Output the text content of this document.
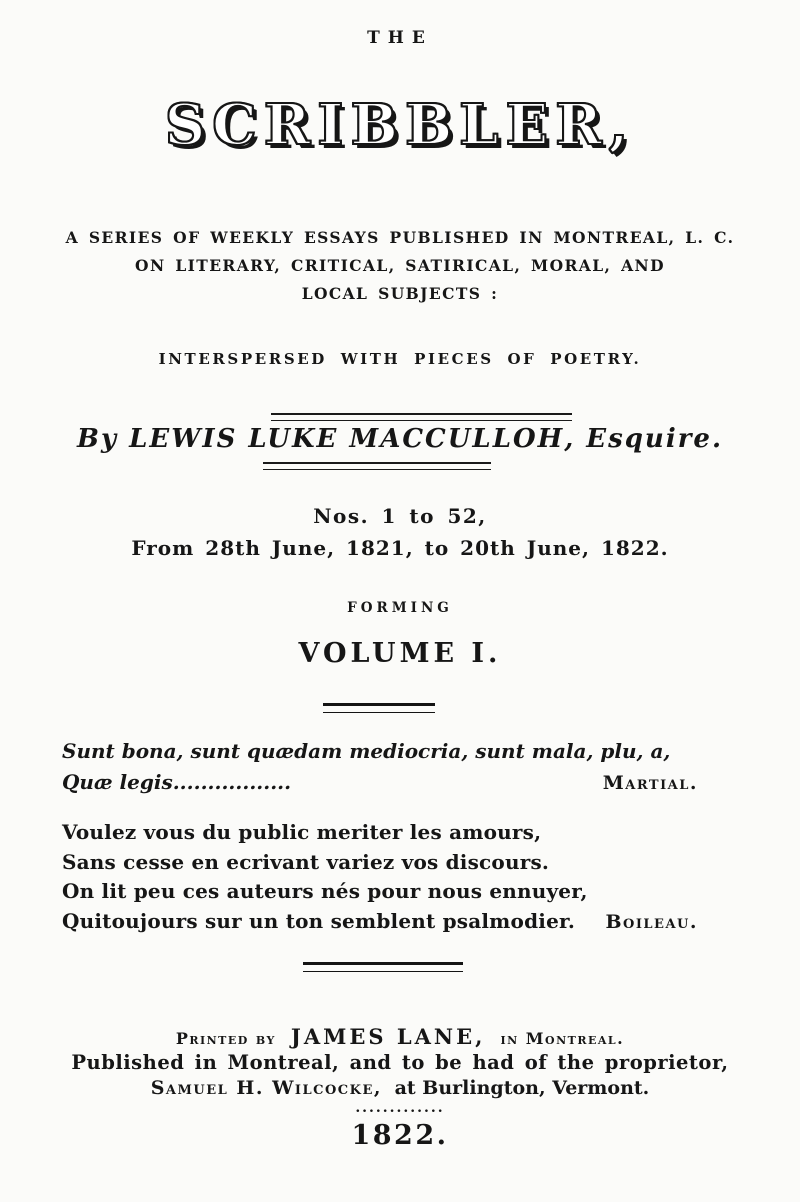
THE
SCRIBBLER,
A SERIES OF WEEKLY ESSAYS PUBLISHED IN MONTREAL, L. C.
ON LITERARY, CRITICAL, SATIRICAL, MORAL, AND
LOCAL SUBJECTS :
INTERSPERSED WITH PIECES OF POETRY.
By LEWIS LUKE MACCULLOH, Esquire.
Nos. 1 to 52,
From 28th June, 1821, to 20th June, 1822.
FORMING
VOLUME I.
Sunt bona, sunt quædam mediocria, sunt mala, plu, a,
Quæ legis.................	Martial.
Voulez vous du public meriter les amours,
Sans cesse en ecrivant variez vos discours.
On lit peu ces auteurs nés pour nous ennuyer,
Quitoujours sur un ton semblent psalmodier. Boileau.
Printed by JAMES LANE, in Montreal.
Published in Montreal, and to be had of the proprietor,
Samuel H. Wilcocke, at Burlington, Vermont.
.............
1822.
